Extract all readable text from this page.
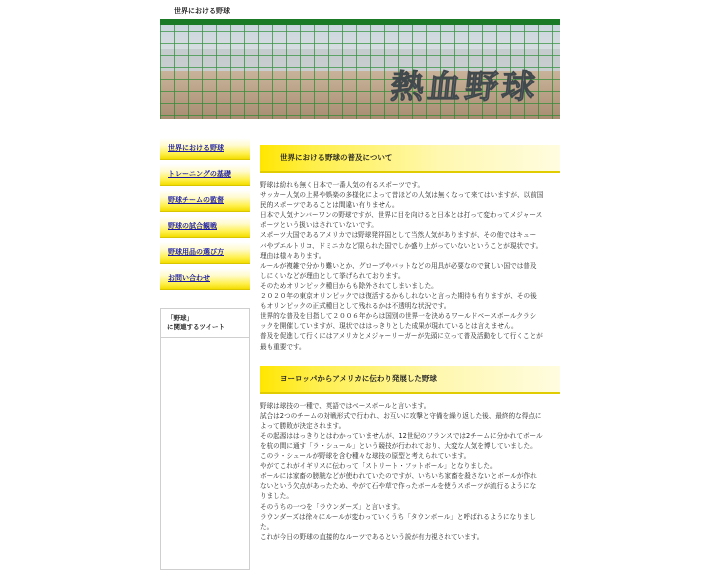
世界における野球
熱血野球
世界における野球
トレーニングの基礎
野球チームの監督
野球の試合観戦
野球用品の選び方
お問い合わせ
「野球」
に関連するツイート
世界における野球の普及について

野球は紛れも無く日本で一番人気の有るスポーツです。

サッカー人気の上昇や娯楽の多様化によって昔ほどの人気は無くなって来てはいますが、以前国

民的スポーツであることは間違い有りません。

日本で人気ナンバーワンの野球ですが、世界に目を向けると日本とは打って変わってメジャース

ポーツという扱いはされていないです。

スポーツ大国であるアメリカでは野球発祥国として当然人気がありますが、その他ではキュー

バやプエルトリコ、ドミニカなど限られた国でしか盛り上がっていないということが現状です。

理由は様々あります。

ルールが複雑で分かり難いとか、グローブやバットなどの用具が必要なので貧しい国では普及

しにくいなどが理由として挙げられております。

そのためオリンピック種目からも除外されてしまいました。

２０２０年の東京オリンピックでは復活するかもしれないと言った期待も有りますが、その後

もオリンピックの正式種目として残れるかは不透明な状況です。

世界的な普及を目指して２００６年からは国別の世界一を決めるワールドベースボールクラシ

ックを開催していますが、現状でははっきりとした成果が現れているとは言えません。

普及を促進して行くにはアメリカとメジャーリーガーが先頭に立って普及活動をして行くことが

最も重要です。

ヨーロッパからアメリカに伝わり発展した野球

野球は球技の一種で、英語ではベースボールと言います。

試合は2つのチームの対戦形式で行われ、お互いに攻撃と守備を繰り返した後、最終的な得点に

よって勝敗が決定されます。

その起源ははっきりとはわかっていませんが、12世紀のフランスでは2チームに分かれてボール

を杭の間に通す「ラ・シュール」という競技が行われており、大変な人気を博していました。

このラ・シュールが野球を含む種々な球技の原型と考えられています。

やがてこれがイギリスに伝わって「ストリート・フットボール」となりました。

ボールには家畜の膀胱などが使われていたのですが、いちいち家畜を殺さないとボールが作れ

ないという欠点があったため、やがて石や草で作ったボールを使うスポーツが流行るようにな

りました。

そのうちの一つを「ラウンダーズ」と言います。

ラウンダーズは徐々にルールが変わっていくうち「タウンボール」と呼ばれるようになりまし

た。

これが今日の野球の直接的なルーツであるという説が有力視されています。
